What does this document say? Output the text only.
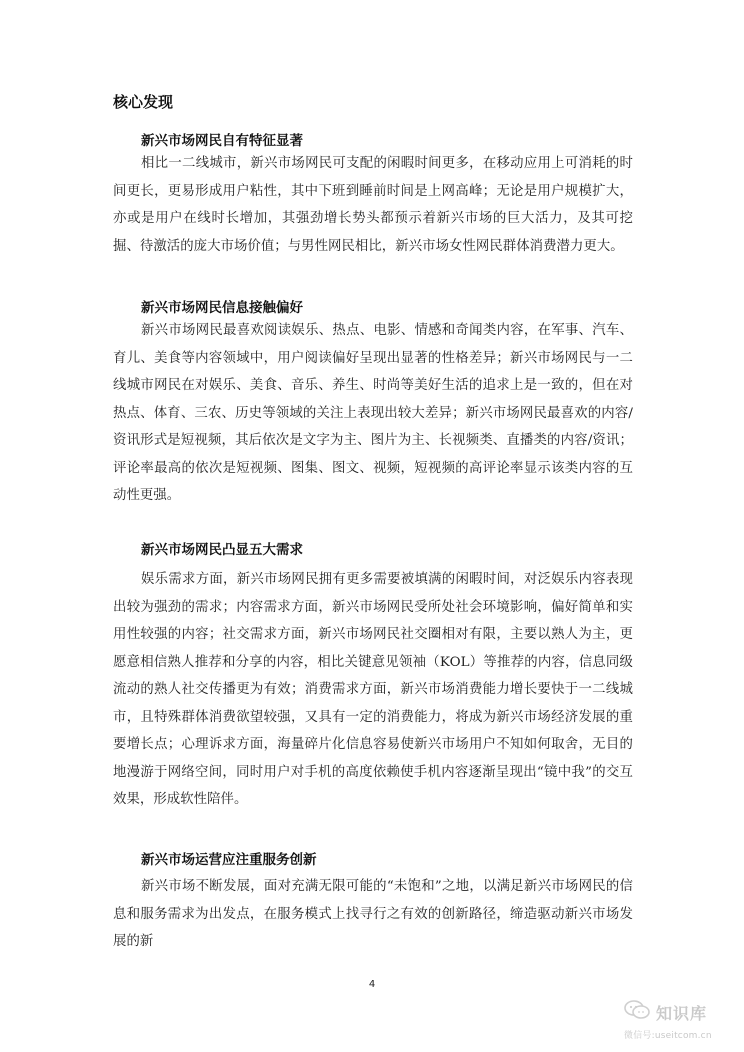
核心发现
新兴市场网民自有特征显著
相比一二线城市，新兴市场网民可支配的闲暇时间更多，在移动应用上可消耗的时间更长，更易形成用户粘性，其中下班到睡前时间是上网高峰；无论是用户规模扩大，亦或是用户在线时长增加，其强劲增长势头都预示着新兴市场的巨大活力，及其可挖掘、待激活的庞大市场价值；与男性网民相比，新兴市场女性网民群体消费潜力更大。
新兴市场网民信息接触偏好
新兴市场网民最喜欢阅读娱乐、热点、电影、情感和奇闻类内容，在军事、汽车、育儿、美食等内容领域中，用户阅读偏好呈现出显著的性格差异；新兴市场网民与一二线城市网民在对娱乐、美食、音乐、养生、时尚等美好生活的追求上是一致的，但在对热点、体育、三农、历史等领域的关注上表现出较大差异；新兴市场网民最喜欢的内容/资讯形式是短视频，其后依次是文字为主、图片为主、长视频类、直播类的内容/资讯；评论率最高的依次是短视频、图集、图文、视频，短视频的高评论率显示该类内容的互动性更强。
新兴市场网民凸显五大需求
娱乐需求方面，新兴市场网民拥有更多需要被填满的闲暇时间，对泛娱乐内容表现出较为强劲的需求；内容需求方面，新兴市场网民受所处社会环境影响，偏好简单和实用性较强的内容；社交需求方面，新兴市场网民社交圈相对有限，主要以熟人为主，更愿意相信熟人推荐和分享的内容，相比关键意见领袖（KOL）等推荐的内容，信息同级流动的熟人社交传播更为有效；消费需求方面，新兴市场消费能力增长要快于一二线城市，且特殊群体消费欲望较强，又具有一定的消费能力，将成为新兴市场经济发展的重要增长点；心理诉求方面，海量碎片化信息容易使新兴市场用户不知如何取舍，无目的地漫游于网络空间，同时用户对手机的高度依赖使手机内容逐渐呈现出“镜中我”的交互效果，形成软性陪伴。
新兴市场运营应注重服务创新
新兴市场不断发展，面对充满无限可能的“未饱和”之地，以满足新兴市场网民的信息和服务需求为出发点，在服务模式上找寻行之有效的创新路径，缔造驱动新兴市场发展的新
4
知识库
微信号:useitcom.cn
